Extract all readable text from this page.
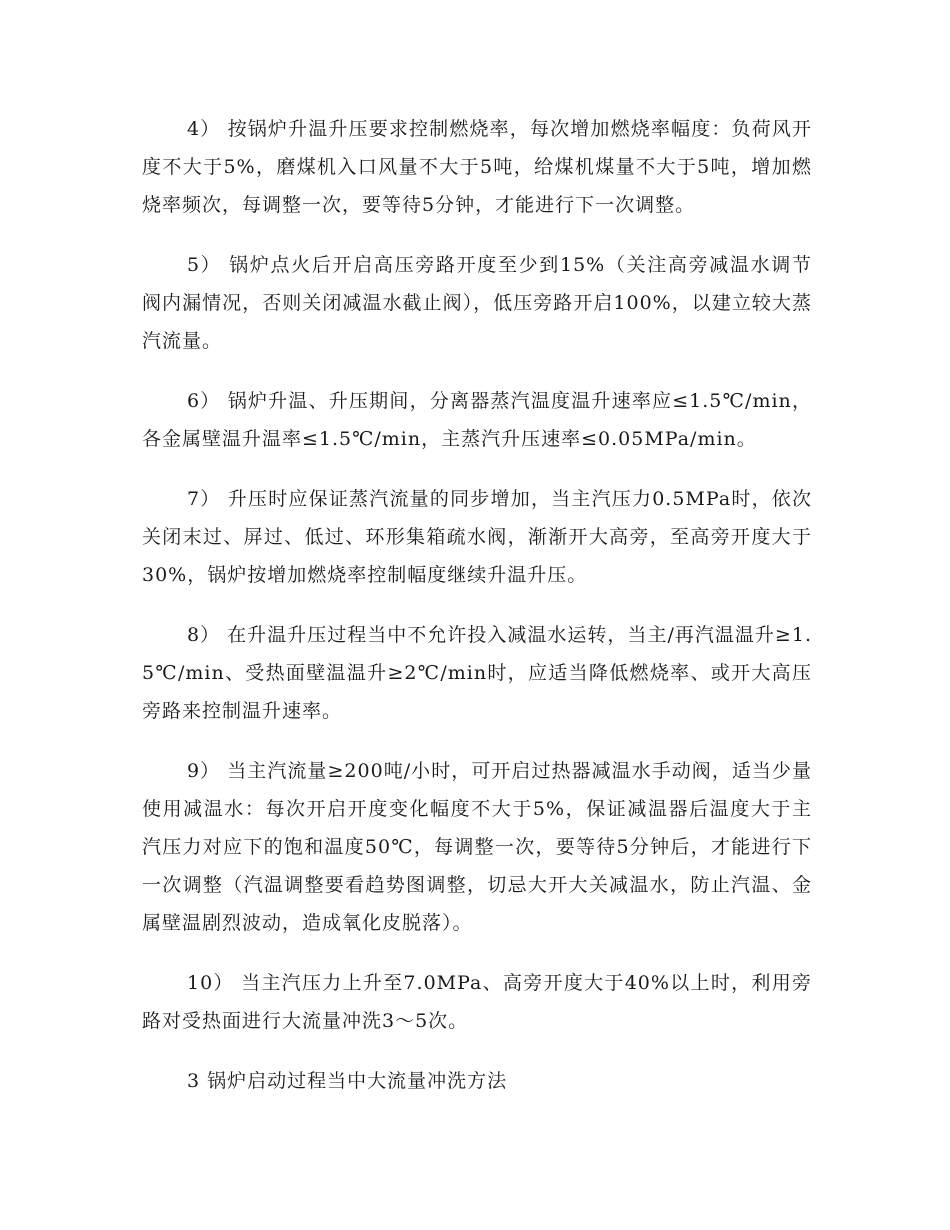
4） 按锅炉升温升压要求控制燃烧率，每次增加燃烧率幅度：负荷风开度不大于5%，磨煤机入口风量不大于5吨，给煤机煤量不大于5吨，增加燃烧率频次，每调整一次，要等待5分钟，才能进行下一次调整。

5） 锅炉点火后开启高压旁路开度至少到15%（关注高旁减温水调节阀内漏情况，否则关闭减温水截止阀），低压旁路开启100%，以建立较大蒸汽流量。

6） 锅炉升温、升压期间，分离器蒸汽温度温升速率应≤1.5℃/min，各金属壁温升温率≤1.5℃/min，主蒸汽升压速率≤0.05MPa/min。

7） 升压时应保证蒸汽流量的同步增加，当主汽压力0.5MPa时，依次关闭末过、屏过、低过、环形集箱疏水阀，渐渐开大高旁，至高旁开度大于30%，锅炉按增加燃烧率控制幅度继续升温升压。

8） 在升温升压过程当中不允许投入减温水运转，当主/再汽温温升≥1.5℃/min、受热面壁温温升≥2℃/min时，应适当降低燃烧率、或开大高压旁路来控制温升速率。

9） 当主汽流量≥200吨/小时，可开启过热器减温水手动阀，适当少量使用减温水：每次开启开度变化幅度不大于5%，保证减温器后温度大于主汽压力对应下的饱和温度50℃，每调整一次，要等待5分钟后，才能进行下一次调整（汽温调整要看趋势图调整，切忌大开大关减温水，防止汽温、金属壁温剧烈波动，造成氧化皮脱落）。

10） 当主汽压力上升至7.0MPa、高旁开度大于40%以上时，利用旁路对受热面进行大流量冲洗3～5次。

3 锅炉启动过程当中大流量冲洗方法
